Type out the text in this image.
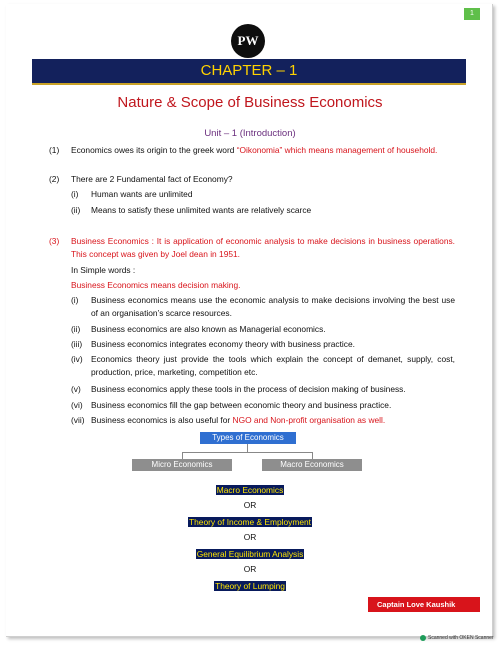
1
PW
CHAPTER – 1
Nature & Scope of Business Economics
Unit – 1 (Introduction)
(1) Economics owes its origin to the greek word “Oikonomia” which means management of household.
(2) There are 2 Fundamental fact of Economy?
(i) Human wants are unlimited
(ii) Means to satisfy these unlimited wants are relatively scarce
(3) Business Economics : It is application of economic analysis to make decisions in business operations. This concept was given by Joel dean in 1951.
In Simple words :
Business Economics means decision making.
(i) Business economics means use the economic analysis to make decisions involving the best use of an organisation’s scarce resources.
(ii) Business economics are also known as Managerial economics.
(iii) Business economics integrates economy theory with business practice.
(iv) Economics theory just provide the tools which explain the concept of demanet, supply, cost, production, price, marketing, competition etc.
(v) Business economics apply these tools in the process of decision making of business.
(vi) Business economics fill the gap between economic theory and business practice.
(vii) Business economics is also useful for NGO and Non-profit organisation as well.
Types of Economics
Micro Economics	Macro Economics
Macro Economics
OR
Theory of Income & Employment
OR
General Equilibrium Analysis
OR
Theory of Lumping
Captain Love Kaushik
Scanned with OKEN Scanner
